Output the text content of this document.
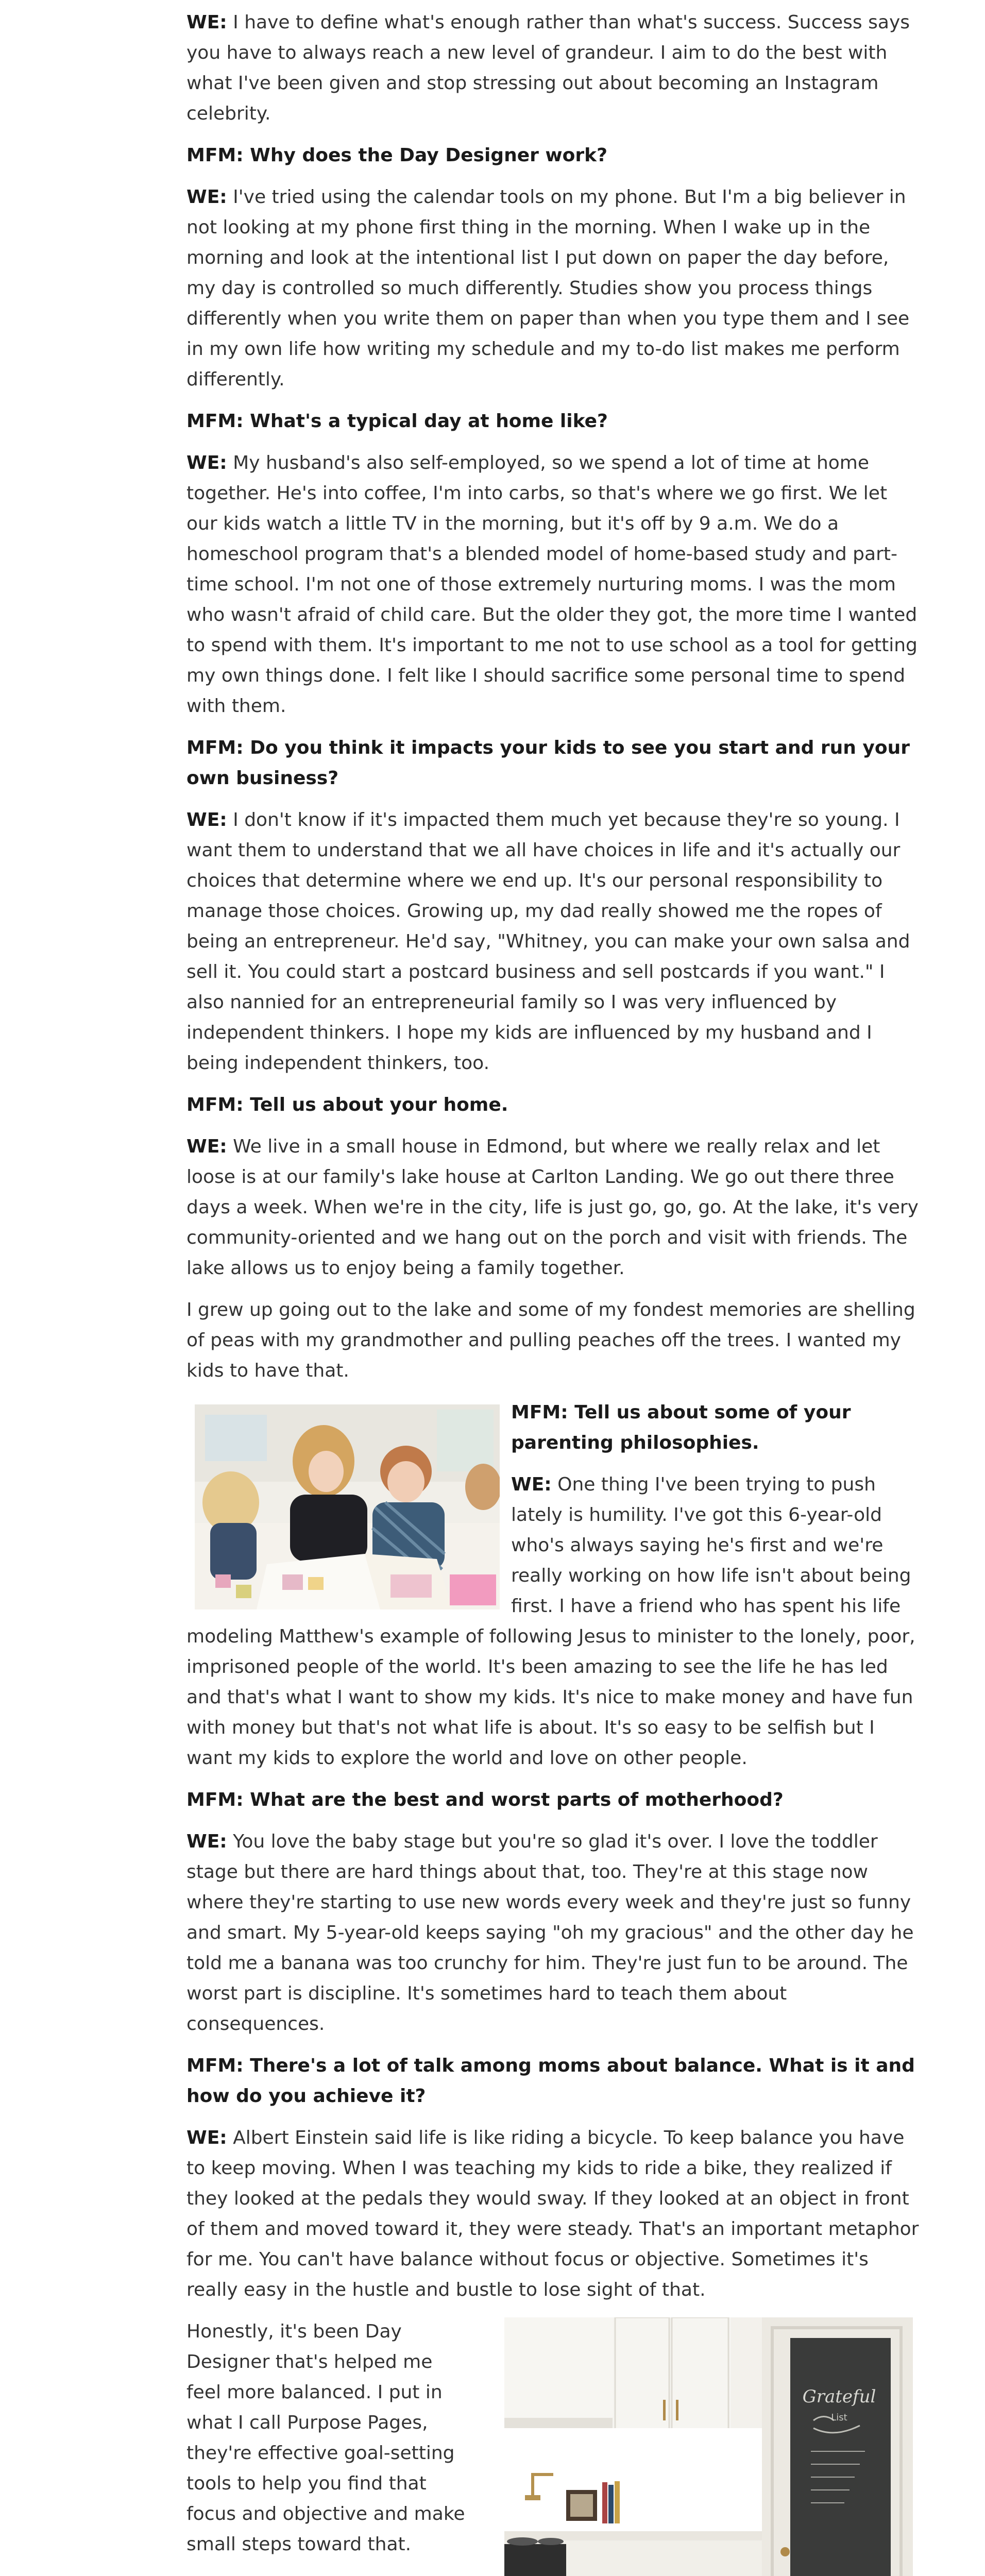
WE: I have to define what's enough rather than what's success. Success says you have to always reach a new level of grandeur. I aim to do the best with what I've been given and stop stressing out about becoming an Instagram celebrity.

MFM: Why does the Day Designer work?

WE: I've tried using the calendar tools on my phone. But I'm a big believer in not looking at my phone first thing in the morning. When I wake up in the morning and look at the intentional list I put down on paper the day before, my day is controlled so much differently. Studies show you process things differently when you write them on paper than when you type them and I see in my own life how writing my schedule and my to-do list makes me perform differently.

MFM: What's a typical day at home like?

WE: My husband's also self-employed, so we spend a lot of time at home together. He's into coffee, I'm into carbs, so that's where we go first. We let our kids watch a little TV in the morning, but it's off by 9 a.m. We do a homeschool program that's a blended model of home-based study and part-time school. I'm not one of those extremely nurturing moms. I was the mom who wasn't afraid of child care. But the older they got, the more time I wanted to spend with them. It's important to me not to use school as a tool for getting my own things done. I felt like I should sacrifice some personal time to spend with them.

MFM: Do you think it impacts your kids to see you start and run your own business?

WE: I don't know if it's impacted them much yet because they're so young. I want them to understand that we all have choices in life and it's actually our choices that determine where we end up. It's our personal responsibility to manage those choices. Growing up, my dad really showed me the ropes of being an entrepreneur. He'd say, "Whitney, you can make your own salsa and sell it. You could start a postcard business and sell postcards if you want." I also nannied for an entrepreneurial family so I was very influenced by independent thinkers. I hope my kids are influenced by my husband and I being independent thinkers, too.

MFM: Tell us about your home.

WE: We live in a small house in Edmond, but where we really relax and let loose is at our family's lake house at Carlton Landing. We go out there three days a week. When we're in the city, life is just go, go, go. At the lake, it's very community-oriented and we hang out on the porch and visit with friends. The lake allows us to enjoy being a family together.

I grew up going out to the lake and some of my fondest memories are shelling of peas with my grandmother and pulling peaches off the trees. I wanted my kids to have that.

MFM: Tell us about some of your parenting philosophies.

WE: One thing I've been trying to push lately is humility. I've got this 6-year-old who's always saying he's first and we're really working on how life isn't about being first. I have a friend who has spent his life modeling Matthew's example of following Jesus to minister to the lonely, poor, imprisoned people of the world. It's been amazing to see the life he has led and that's what I want to show my kids. It's nice to make money and have fun with money but that's not what life is about. It's so easy to be selfish but I want my kids to explore the world and love on other people.

MFM: What are the best and worst parts of motherhood?

WE: You love the baby stage but you're so glad it's over. I love the toddler stage but there are hard things about that, too. They're at this stage now where they're starting to use new words every week and they're just so funny and smart. My 5-year-old keeps saying "oh my gracious" and the other day he told me a banana was too crunchy for him. They're just fun to be around. The worst part is discipline. It's sometimes hard to teach them about consequences.

MFM: There's a lot of talk among moms about balance. What is it and how do you achieve it?

WE: Albert Einstein said life is like riding a bicycle. To keep balance you have to keep moving. When I was teaching my kids to ride a bike, they realized if they looked at the pedals they would sway. If they looked at an object in front of them and moved toward it, they were steady. That's an important metaphor for me. You can't have balance without focus or objective. Sometimes it's really easy in the hustle and bustle to lose sight of that.

Grateful
List

Honestly, it's been Day Designer that's helped me feel more balanced. I put in what I call Purpose Pages, they're effective goal-setting tools to help you find that focus and objective and make small steps toward that.
